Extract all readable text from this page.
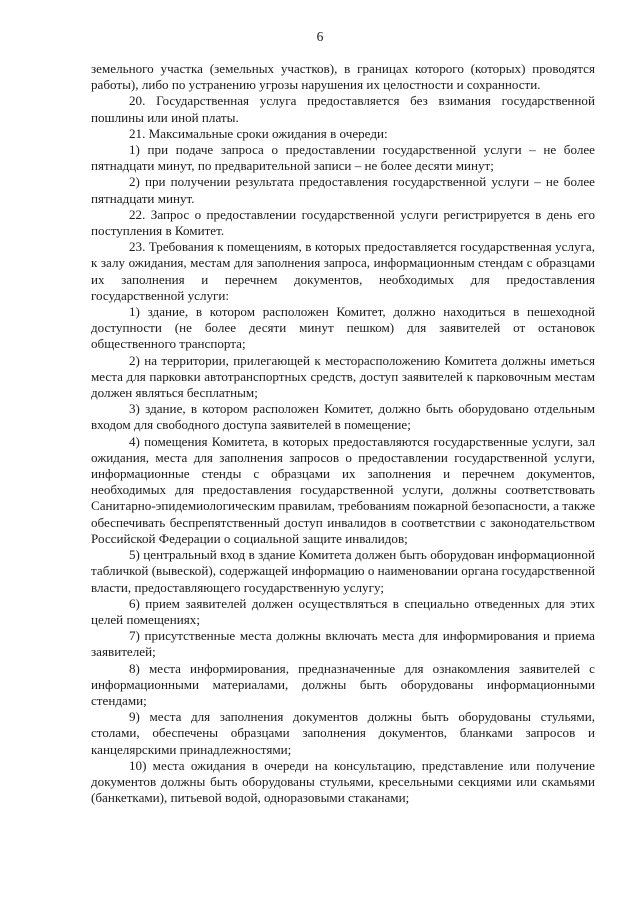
6

земельного участка (земельных участков), в границах которого (которых) проводятся работы), либо по устранению угрозы нарушения их целостности и сохранности.

20. Государственная услуга предоставляется без взимания государственной пошлины или иной платы.

21. Максимальные сроки ожидания в очереди:

1) при подаче запроса о предоставлении государственной услуги – не более пятнадцати минут, по предварительной записи – не более десяти минут;

2) при получении результата предоставления государственной услуги – не более пятнадцати минут.

22. Запрос о предоставлении государственной услуги регистрируется в день его поступления в Комитет.

23. Требования к помещениям, в которых предоставляется государственная услуга, к залу ожидания, местам для заполнения запроса, информационным стендам с образцами их заполнения и перечнем документов, необходимых для предоставления государственной услуги:

1) здание, в котором расположен Комитет, должно находиться в пешеходной доступности (не более десяти минут пешком) для заявителей от остановок общественного транспорта;

2) на территории, прилегающей к месторасположению Комитета должны иметься места для парковки автотранспортных средств, доступ заявителей к парковочным местам должен являться бесплатным;

3) здание, в котором расположен Комитет, должно быть оборудовано отдельным входом для свободного доступа заявителей в помещение;

4) помещения Комитета, в которых предоставляются государственные услуги, зал ожидания, места для заполнения запросов о предоставлении государственной услуги, информационные стенды с образцами их заполнения и перечнем документов, необходимых для предоставления государственной услуги, должны соответствовать Санитарно-эпидемиологическим правилам, требованиям пожарной безопасности, а также обеспечивать беспрепятственный доступ инвалидов в соответствии с законодательством Российской Федерации о социальной защите инвалидов;

5) центральный вход в здание Комитета должен быть оборудован информационной табличкой (вывеской), содержащей информацию о наименовании органа государственной власти, предоставляющего государственную услугу;

6) прием заявителей должен осуществляться в специально отведенных для этих целей помещениях;

7) присутственные места должны включать места для информирования и приема заявителей;

8) места информирования, предназначенные для ознакомления заявителей с информационными материалами, должны быть оборудованы информационными стендами;

9) места для заполнения документов должны быть оборудованы стульями, столами, обеспечены образцами заполнения документов, бланками запросов и канцелярскими принадлежностями;

10) места ожидания в очереди на консультацию, представление или получение документов должны быть оборудованы стульями, кресельными секциями или скамьями (банкетками), питьевой водой, одноразовыми стаканами;
